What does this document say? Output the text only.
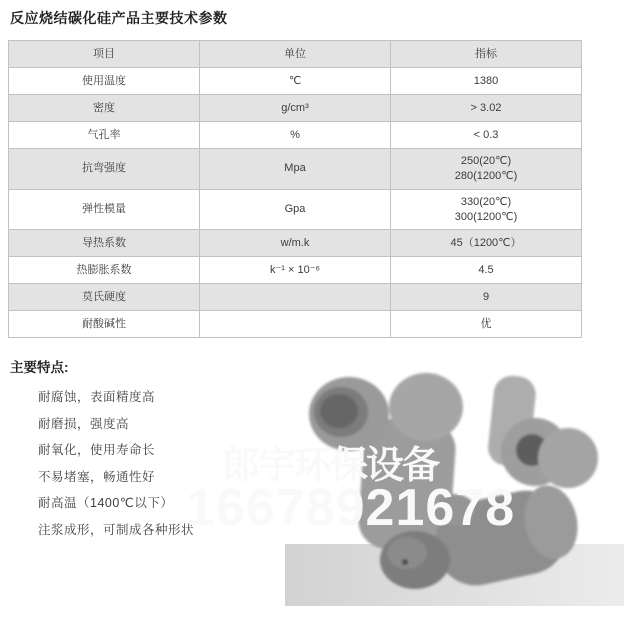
反应烧结碳化硅产品主要技术参数
项目	单位	指标
使用温度	℃	1380
密度	g/cm³	> 3.02
气孔率	%	< 0.3
抗弯强度	Mpa	250(20℃)
280(1200℃)

弹性模量	Gpa	330(20℃)
300(1200℃)

导热系数	w/m.k	45（1200℃）
热膨胀系数	k⁻¹ × 10⁻⁶	4.5
莫氏硬度		9
耐酸碱性		优
主要特点:
耐腐蚀，表面精度高
耐磨损，强度高
耐氧化，使用寿命长
不易堵塞，畅通性好
耐高温（1400℃以下）
注浆成形，可制成各种形状
郎宇环保设备
16678921678
